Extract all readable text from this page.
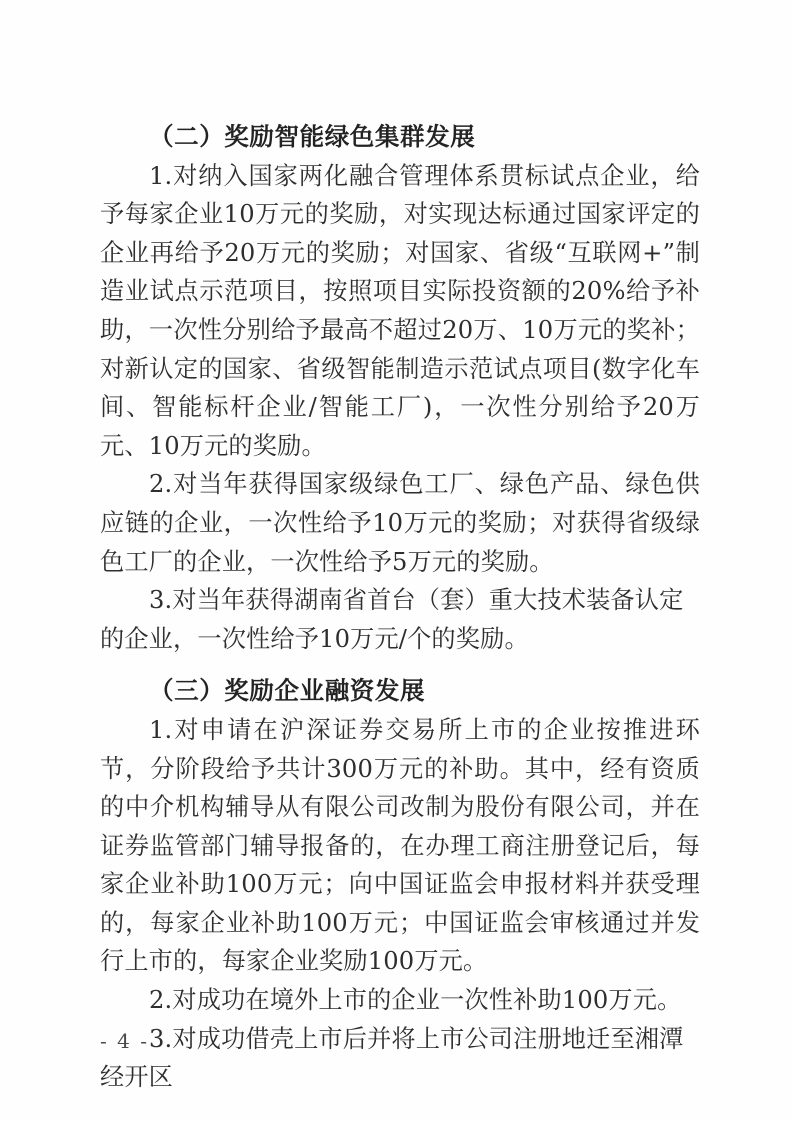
（二）奖励智能绿色集群发展

1.对纳入国家两化融合管理体系贯标试点企业，给予每家企业10万元的奖励，对实现达标通过国家评定的企业再给予20万元的奖励；对国家、省级“互联网+”制造业试点示范项目，按照项目实际投资额的20%给予补助，一次性分别给予最高不超过20万、10万元的奖补；对新认定的国家、省级智能制造示范试点项目(数字化车间、智能标杆企业/智能工厂)，一次性分别给予20万元、10万元的奖励。

2.对当年获得国家级绿色工厂、绿色产品、绿色供应链的企业，一次性给予10万元的奖励；对获得省级绿色工厂的企业，一次性给予5万元的奖励。

3.对当年获得湖南省首台（套）重大技术装备认定的企业，一次性给予10万元/个的奖励。

（三）奖励企业融资发展

1.对申请在沪深证券交易所上市的企业按推进环节，分阶段给予共计300万元的补助。其中，经有资质的中介机构辅导从有限公司改制为股份有限公司，并在证券监管部门辅导报备的，在办理工商注册登记后，每家企业补助100万元；向中国证监会申报材料并获受理的，每家企业补助100万元；中国证监会审核通过并发行上市的，每家企业奖励100万元。

2.对成功在境外上市的企业一次性补助100万元。

3.对成功借壳上市后并将上市公司注册地迁至湘潭经开区

- 4 -
